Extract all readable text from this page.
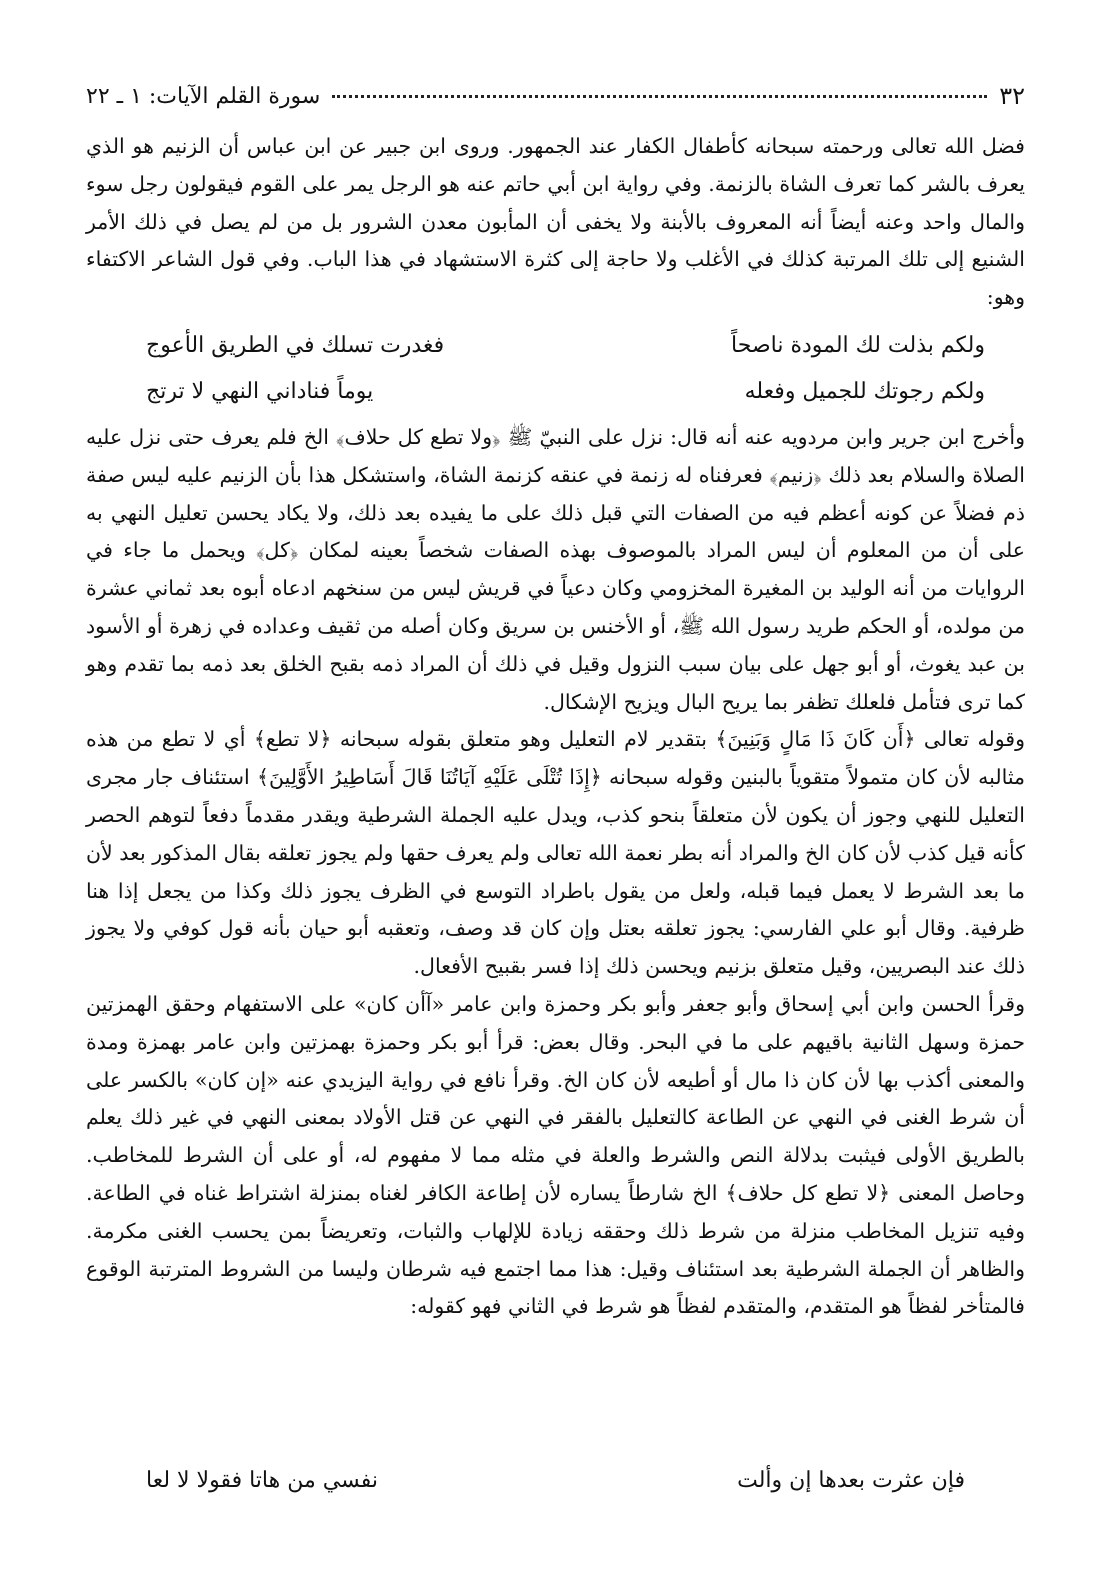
٣٢
سورة القلم الآيات: ١ ـ ٢٢

فضل الله تعالى ورحمته سبحانه كأطفال الكفار عند الجمهور. وروى ابن جبير عن ابن عباس أن الزنيم هو الذي يعرف بالشر كما تعرف الشاة بالزنمة. وفي رواية ابن أبي حاتم عنه هو الرجل يمر على القوم فيقولون رجل سوء والمال واحد وعنه أيضاً أنه المعروف بالأبنة ولا يخفى أن المأبون معدن الشرور بل من لم يصل في ذلك الأمر الشنيع إلى تلك المرتبة كذلك في الأغلب ولا حاجة إلى كثرة الاستشهاد في هذا الباب. وفي قول الشاعر الاكتفاء وهو:

ولكم بذلت لك المودة ناصحاً
فغدرت تسلك في الطريق الأعوج
ولكم رجوتك للجميل وفعله
يوماً فناداني النهي لا ترتج

وأخرج ابن جرير وابن مردويه عنه أنه قال: نزل على النبيّ ﷺ ﴿ولا تطع كل حلاف﴾ الخ فلم يعرف حتى نزل عليه الصلاة والسلام بعد ذلك ﴿زنيم﴾ فعرفناه له زنمة في عنقه كزنمة الشاة، واستشكل هذا بأن الزنيم عليه ليس صفة ذم فضلاً عن كونه أعظم فيه من الصفات التي قبل ذلك على ما يفيده بعد ذلك، ولا يكاد يحسن تعليل النهي به على أن من المعلوم أن ليس المراد بالموصوف بهذه الصفات شخصاً بعينه لمكان ﴿كل﴾ ويحمل ما جاء في الروايات من أنه الوليد بن المغيرة المخزومي وكان دعياً في قريش ليس من سنخهم ادعاه أبوه بعد ثماني عشرة من مولده، أو الحكم طريد رسول الله ﷺ، أو الأخنس بن سريق وكان أصله من ثقيف وعداده في زهرة أو الأسود بن عبد يغوث، أو أبو جهل على بيان سبب النزول وقيل في ذلك أن المراد ذمه بقبح الخلق بعد ذمه بما تقدم وهو كما ترى فتأمل فلعلك تظفر بما يريح البال ويزيح الإشكال.

وقوله تعالى ﴿أَن كَانَ ذَا مَالٍ وَبَنِينَ﴾ بتقدير لام التعليل وهو متعلق بقوله سبحانه ﴿لا تطع﴾ أي لا تطع من هذه مثالبه لأن كان متمولاً متقوياً بالبنين وقوله سبحانه ﴿إِذَا تُتْلَى عَلَيْهِ آيَاتُنَا قَالَ أَسَاطِيرُ الأَوَّلِينَ﴾ استئناف جار مجرى التعليل للنهي وجوز أن يكون لأن متعلقاً بنحو كذب، ويدل عليه الجملة الشرطية ويقدر مقدماً دفعاً لتوهم الحصر كأنه قيل كذب لأن كان الخ والمراد أنه بطر نعمة الله تعالى ولم يعرف حقها ولم يجوز تعلقه بقال المذكور بعد لأن ما بعد الشرط لا يعمل فيما قبله، ولعل من يقول باطراد التوسع في الظرف يجوز ذلك وكذا من يجعل إذا هنا ظرفية. وقال أبو علي الفارسي: يجوز تعلقه بعتل وإن كان قد وصف، وتعقبه أبو حيان بأنه قول كوفي ولا يجوز ذلك عند البصريين، وقيل متعلق بزنيم ويحسن ذلك إذا فسر بقبيح الأفعال.

وقرأ الحسن وابن أبي إسحاق وأبو جعفر وأبو بكر وحمزة وابن عامر «آأن كان» على الاستفهام وحقق الهمزتين حمزة وسهل الثانية باقيهم على ما في البحر. وقال بعض: قرأ أبو بكر وحمزة بهمزتين وابن عامر بهمزة ومدة والمعنى أكذب بها لأن كان ذا مال أو أطيعه لأن كان الخ. وقرأ نافع في رواية اليزيدي عنه «إن كان» بالكسر على أن شرط الغنى في النهي عن الطاعة كالتعليل بالفقر في النهي عن قتل الأولاد بمعنى النهي في غير ذلك يعلم بالطريق الأولى فيثبت بدلالة النص والشرط والعلة في مثله مما لا مفهوم له، أو على أن الشرط للمخاطب. وحاصل المعنى ﴿لا تطع كل حلاف﴾ الخ شارطاً يساره لأن إطاعة الكافر لغناه بمنزلة اشتراط غناه في الطاعة. وفيه تنزيل المخاطب منزلة من شرط ذلك وحققه زيادة للإلهاب والثبات، وتعريضاً بمن يحسب الغنى مكرمة. والظاهر أن الجملة الشرطية بعد استئناف وقيل: هذا مما اجتمع فيه شرطان وليسا من الشروط المترتبة الوقوع فالمتأخر لفظاً هو المتقدم، والمتقدم لفظاً هو شرط في الثاني فهو كقوله:

فإن عثرت بعدها إن وألت
نفسي من هاتا فقولا لا لعا
